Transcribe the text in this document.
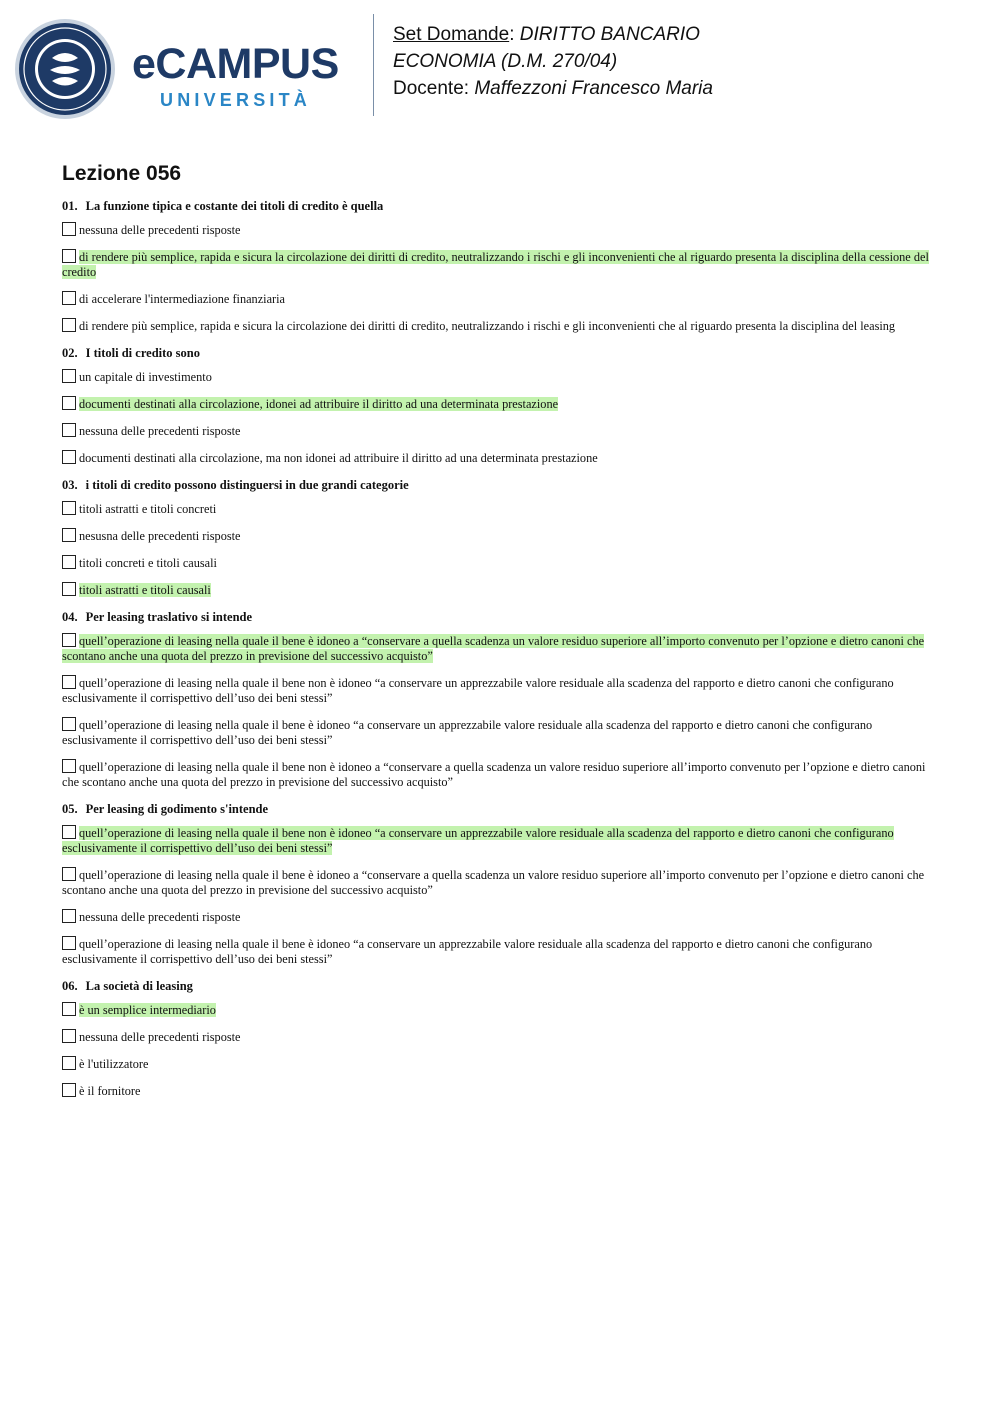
eCAMPUS
UNIVERSITÀ
Set Domande: DIRITTO BANCARIO
ECONOMIA (D.M. 270/04)
Docente: Maffezzoni Francesco Maria
Lezione 056
01. La funzione tipica e costante dei titoli di credito è quella
nessuna delle precedenti risposte
di rendere più semplice, rapida e sicura la circolazione dei diritti di credito, neutralizzando i rischi e gli inconvenienti che al riguardo presenta la disciplina della cessione del credito
di accelerare l'intermediazione finanziaria
di rendere più semplice, rapida e sicura la circolazione dei diritti di credito, neutralizzando i rischi e gli inconvenienti che al riguardo presenta la disciplina del leasing
02. I titoli di credito sono
un capitale di investimento
documenti destinati alla circolazione, idonei ad attribuire il diritto ad una determinata prestazione
nessuna delle precedenti risposte
documenti destinati alla circolazione, ma non idonei ad attribuire il diritto ad una determinata prestazione
03. i titoli di credito possono distinguersi in due grandi categorie
titoli astratti e titoli concreti
nesusna delle precedenti risposte
titoli concreti e titoli causali
titoli astratti e titoli causali
04. Per leasing traslativo si intende
quell’operazione di leasing nella quale il bene è idoneo a “conservare a quella scadenza un valore residuo superiore all’importo convenuto per l’opzione e dietro canoni che scontano anche una quota del prezzo in previsione del successivo acquisto”
quell’operazione di leasing nella quale il bene non è idoneo “a conservare un apprezzabile valore residuale alla scadenza del rapporto e dietro canoni che configurano esclusivamente il corrispettivo dell’uso dei beni stessi”
quell’operazione di leasing nella quale il bene è idoneo “a conservare un apprezzabile valore residuale alla scadenza del rapporto e dietro canoni che configurano esclusivamente il corrispettivo dell’uso dei beni stessi”
quell’operazione di leasing nella quale il bene non è idoneo a “conservare a quella scadenza un valore residuo superiore all’importo convenuto per l’opzione e dietro canoni che scontano anche una quota del prezzo in previsione del successivo acquisto”
05. Per leasing di godimento s'intende
quell’operazione di leasing nella quale il bene non è idoneo “a conservare un apprezzabile valore residuale alla scadenza del rapporto e dietro canoni che configurano esclusivamente il corrispettivo dell’uso dei beni stessi”
quell’operazione di leasing nella quale il bene è idoneo a “conservare a quella scadenza un valore residuo superiore all’importo convenuto per l’opzione e dietro canoni che scontano anche una quota del prezzo in previsione del successivo acquisto”
nessuna delle precedenti risposte
quell’operazione di leasing nella quale il bene è idoneo “a conservare un apprezzabile valore residuale alla scadenza del rapporto e dietro canoni che configurano esclusivamente il corrispettivo dell’uso dei beni stessi”
06. La società di leasing
è un semplice intermediario
nessuna delle precedenti risposte
è l'utilizzatore
è il fornitore
